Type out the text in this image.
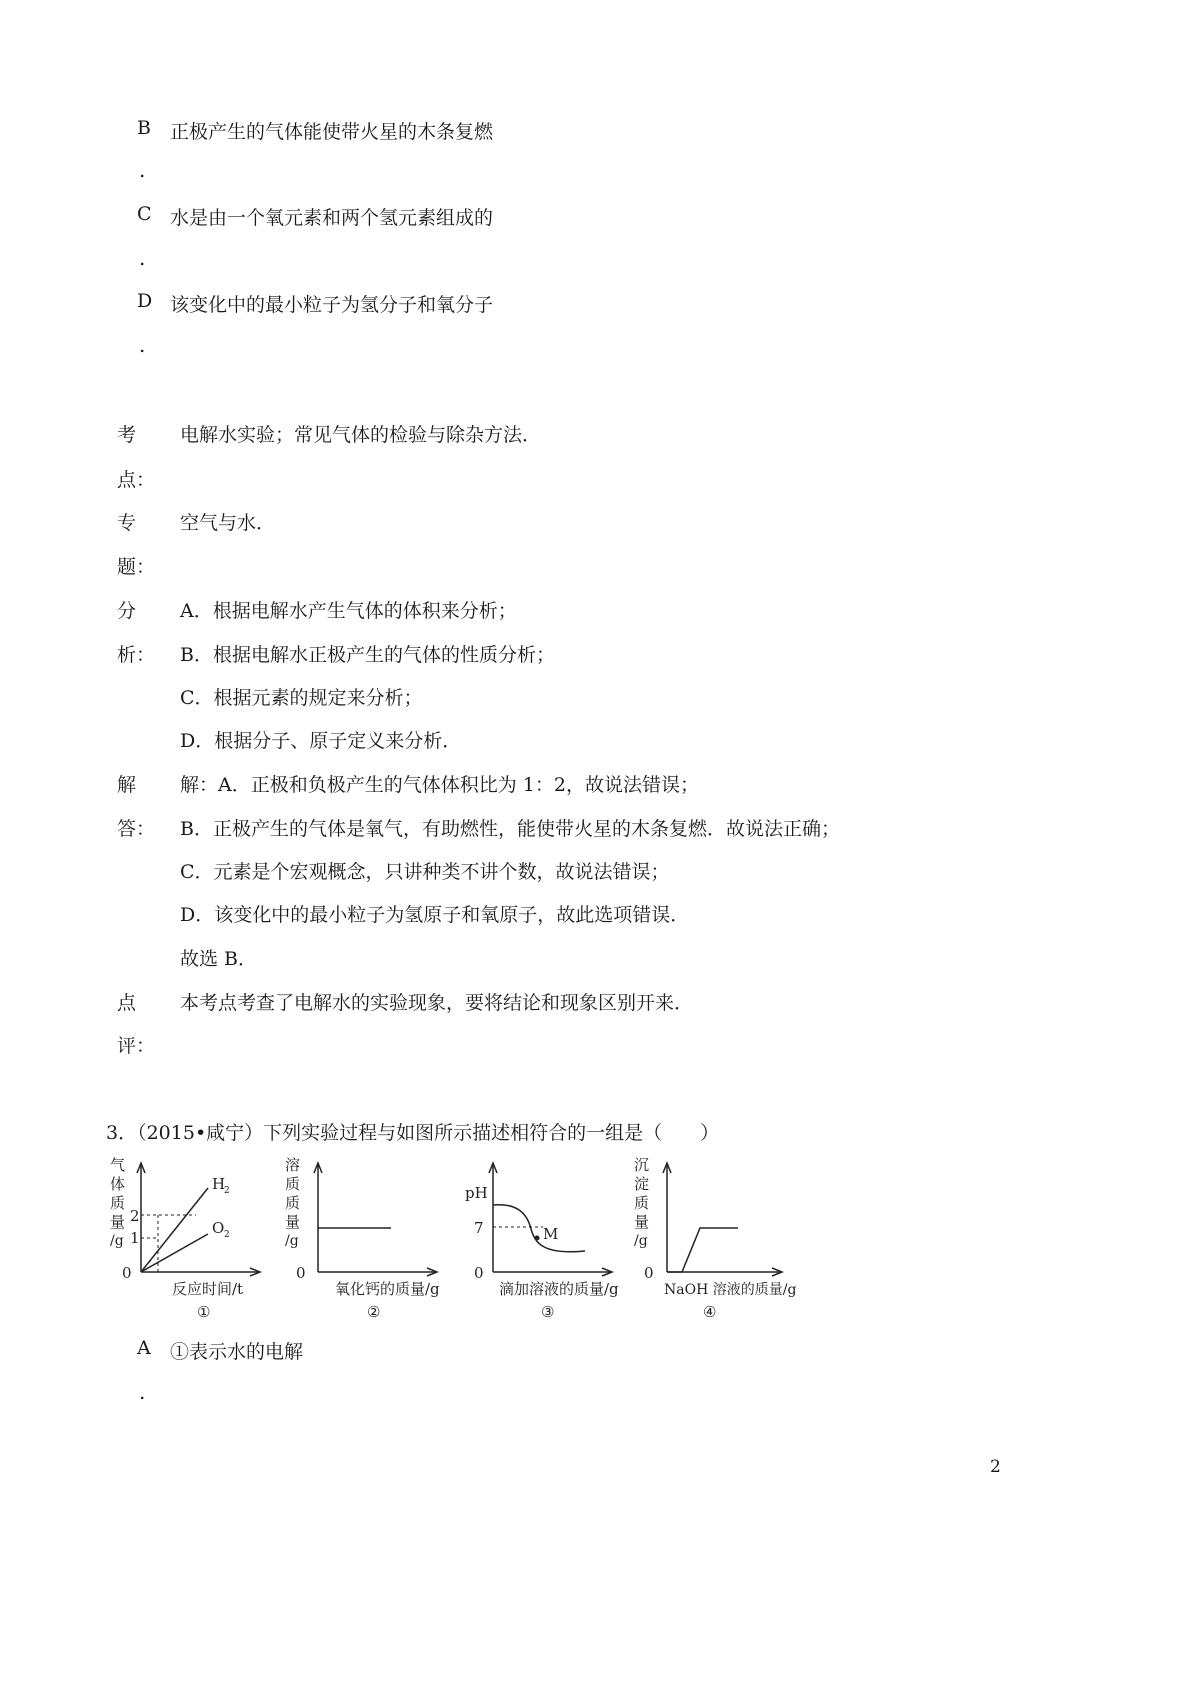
B 正极产生的气体能使带火星的木条复燃
.
C 水是由一个氧元素和两个氢元素组成的
.
D 该变化中的最小粒子为氢分子和氧分子
.
考
点：
电解水实验；常见气体的检验与除杂方法．
专
题：
空气与水．
分
析：
A．根据电解水产生气体的体积来分析；
B．根据电解水正极产生的气体的性质分析；
C．根据元素的规定来分析；
D．根据分子、原子定义来分析．
解
答：
解：A．正极和负极产生的气体体积比为 1：2，故说法错误；
B．正极产生的气体是氧气，有助燃性，能使带火星的木条复燃．故说法正确；
C．元素是个宏观概念，只讲种类不讲个数，故说法错误；
D．该变化中的最小粒子为氢原子和氧原子，故此选项错误．
故选 B．
点
评：
本考点考查了电解水的实验现象，要将结论和现象区别开来．
3．（2015•咸宁）下列实验过程与如图所示描述相符合的一组是（　　）
气
体
质
量
/g
2
1
0
H
2
O 2
反应时间/t
①
溶
质
质
量
/g
0
氧化钙的质量/g
②
pH
7
0
M
滴加溶液的质量/g
③
沉
淀
质
量
/g
0
NaOH 溶液的质量/g
④
A ①表示水的电解
.
2
